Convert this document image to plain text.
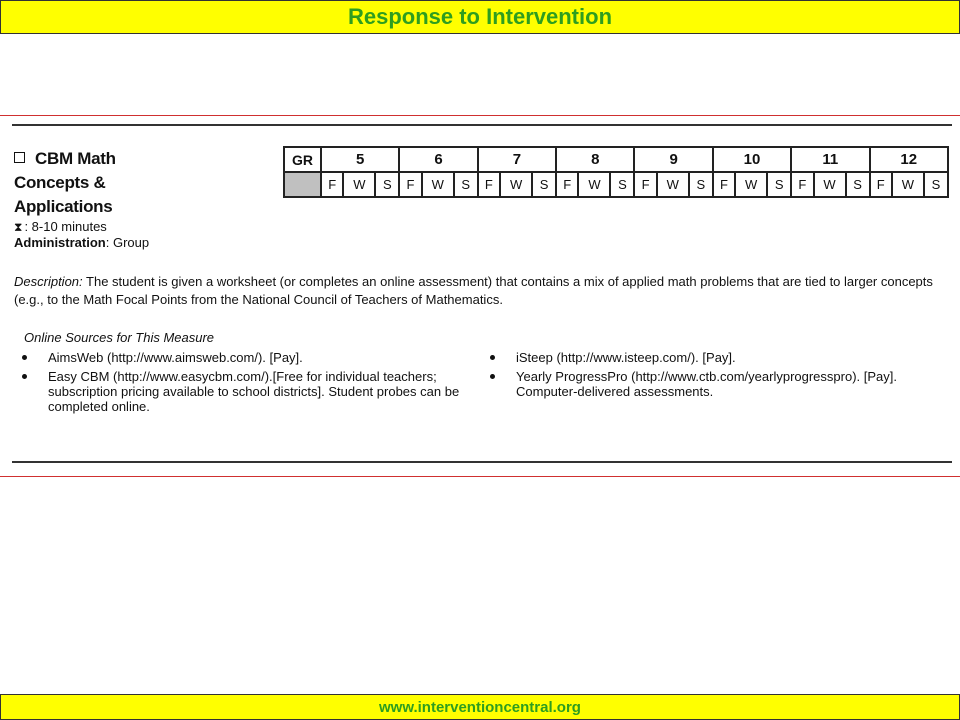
Response to Intervention
CBM Math
Concepts &
Applications
⧗ : 8-10 minutes
Administration: Group
GR	5			6			7			8			9			10			11			12		
	F	W	S	F	W	S	F	W	S	F	W	S	F	W	S	F	W	S	F	W	S	F	W	S
Description: The student is given a worksheet (or completes an online assessment) that contains a mix of applied math problems that are tied to larger concepts (e.g., to the Math Focal Points from the National Council of Teachers of Mathematics.
Online Sources for This Measure
AimsWeb (http://www.aimsweb.com/). [Pay].
Easy CBM (http://www.easycbm.com/).[Free for individual teachers; subscription pricing available to school districts]. Student probes can be completed online.
iSteep (http://www.isteep.com/). [Pay].
Yearly ProgressPro (http://www.ctb.com/yearlyprogresspro). [Pay]. Computer-delivered assessments.
www.interventioncentral.org
